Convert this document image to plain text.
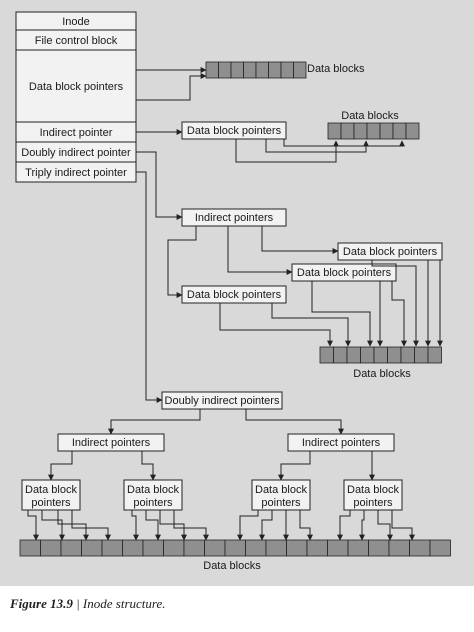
Inode
File control block
Data block pointers
Indirect pointer
Doubly indirect pointer
Triply indirect pointer
Data blocks
Data block pointers
Data blocks
Indirect pointers
Data block pointers
Data block pointers
Data block pointers
Data blocks
Doubly indirect pointers
Indirect pointers	Indirect pointers
Data block
pointers
Data block
pointers
Data block
pointers
Data block
pointers
Data blocks
Figure 13.9 | Inode structure.
